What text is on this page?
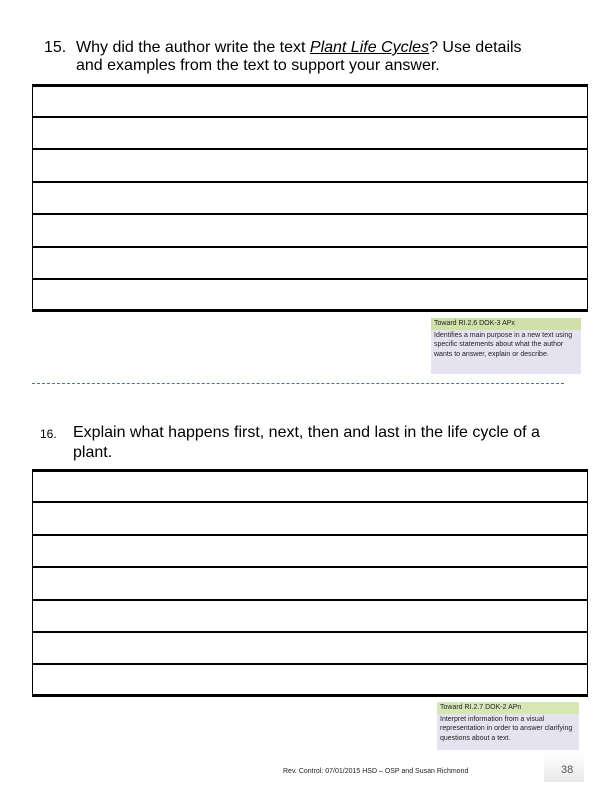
15. Why did the author write the text Plant Life Cycles? Use details
and examples from the text to support your answer.
Toward RI.2.6 DOK-3 APx
Identifies a main purpose in a new text using specific statements about what the author wants to answer, explain or describe.
16. Explain what happens first, next, then and last in the life cycle of a
plant.
Toward RI.2.7 DOK-2 APn
Interpret information from a visual representation in order to answer clarifying questions about a text.
Rev. Control: 07/01/2015 HSD – OSP and Susan Richmond	38
